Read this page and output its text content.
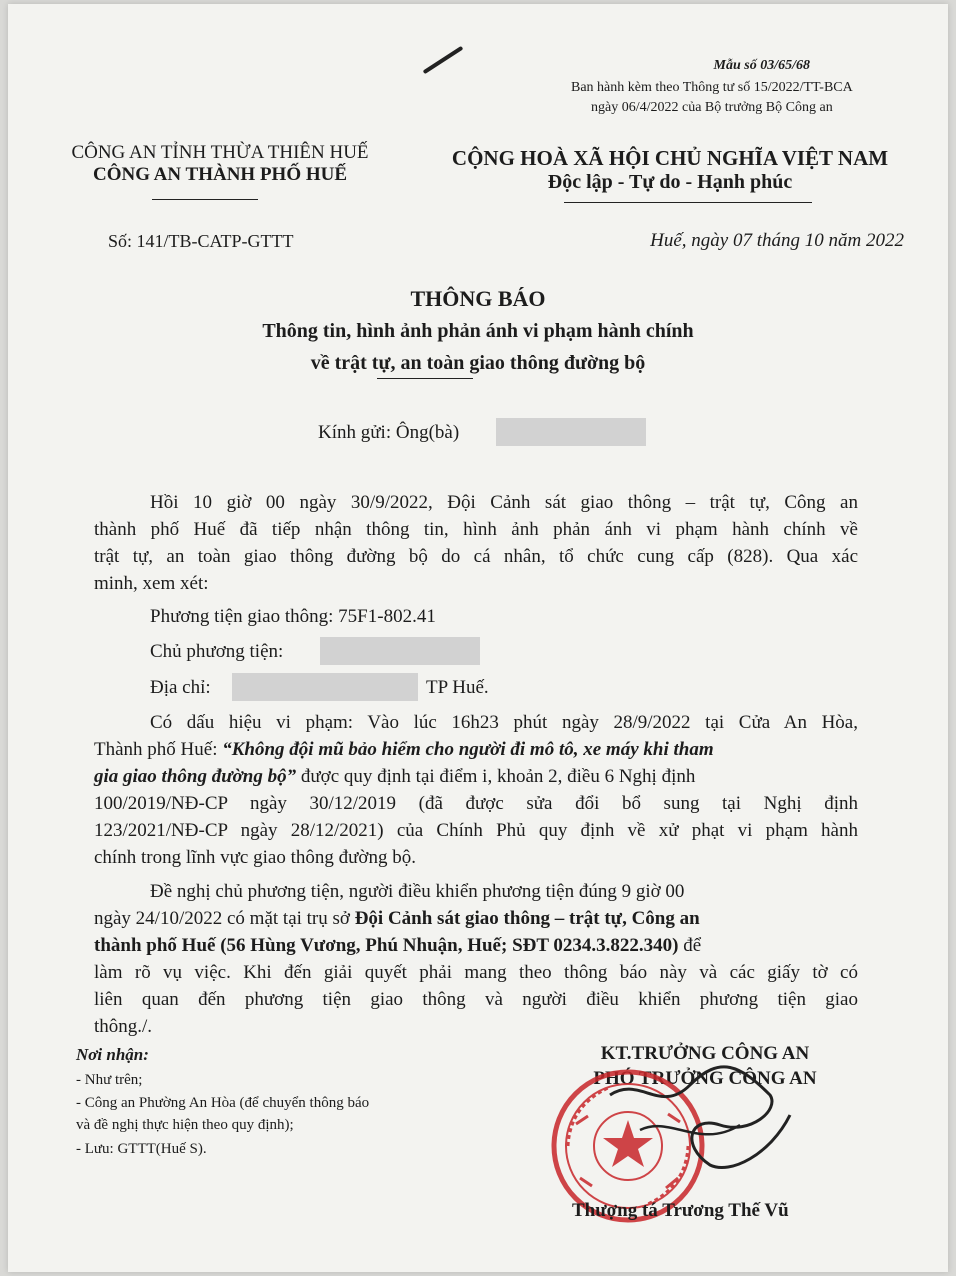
Mẫu số 03/65/68
Ban hành kèm theo Thông tư số 15/2022/TT-BCA
ngày 06/4/2022 của Bộ trưởng Bộ Công an
CÔNG AN TỈNH THỪA THIÊN HUẾ
CÔNG AN THÀNH PHỐ HUẾ
CỘNG HOÀ XÃ HỘI CHỦ NGHĨA VIỆT NAM
Độc lập - Tự do - Hạnh phúc
Số: 141/TB-CATP-GTTT	Huế, ngày 07 tháng 10 năm 2022
THÔNG BÁO
Thông tin, hình ảnh phản ánh vi phạm hành chính
về trật tự, an toàn giao thông đường bộ
Kính gửi: Ông(bà)
Hồi 10 giờ 00 ngày 30/9/2022, Đội Cảnh sát giao thông – trật tự, Công an
thành phố Huế đã tiếp nhận thông tin, hình ảnh phản ánh vi phạm hành chính về
trật tự, an toàn giao thông đường bộ do cá nhân, tổ chức cung cấp (828). Qua xác
minh, xem xét:
Phương tiện giao thông: 75F1-802.41
Chủ phương tiện:
Địa chỉ:	TP Huế.
Có dấu hiệu vi phạm: Vào lúc 16h23 phút ngày 28/9/2022 tại Cửa An Hòa,
Thành phố Huế: “Không đội mũ bảo hiểm cho người đi mô tô, xe máy khi tham
gia giao thông đường bộ” được quy định tại điểm i, khoản 2, điều 6 Nghị định
100/2019/NĐ-CP ngày 30/12/2019 (đã được sửa đổi bổ sung tại Nghị định
123/2021/NĐ-CP ngày 28/12/2021) của Chính Phủ quy định về xử phạt vi phạm hành
chính trong lĩnh vực giao thông đường bộ.
Đề nghị chủ phương tiện, người điều khiển phương tiện đúng 9 giờ 00
ngày 24/10/2022 có mặt tại trụ sở Đội Cảnh sát giao thông – trật tự, Công an
thành phố Huế (56 Hùng Vương, Phú Nhuận, Huế; SĐT 0234.3.822.340) để
làm rõ vụ việc. Khi đến giải quyết phải mang theo thông báo này và các giấy tờ có
liên quan đến phương tiện giao thông và người điều khiển phương tiện giao
thông./.
Nơi nhận:
- Như trên;
- Công an Phường An Hòa (để chuyển thông báo
và đề nghị thực hiện theo quy định);
- Lưu: GTTT(Huế S).
KT.TRƯỞNG CÔNG AN
PHÓ TRƯỞNG CÔNG AN
Thượng tá Trương Thế Vũ
